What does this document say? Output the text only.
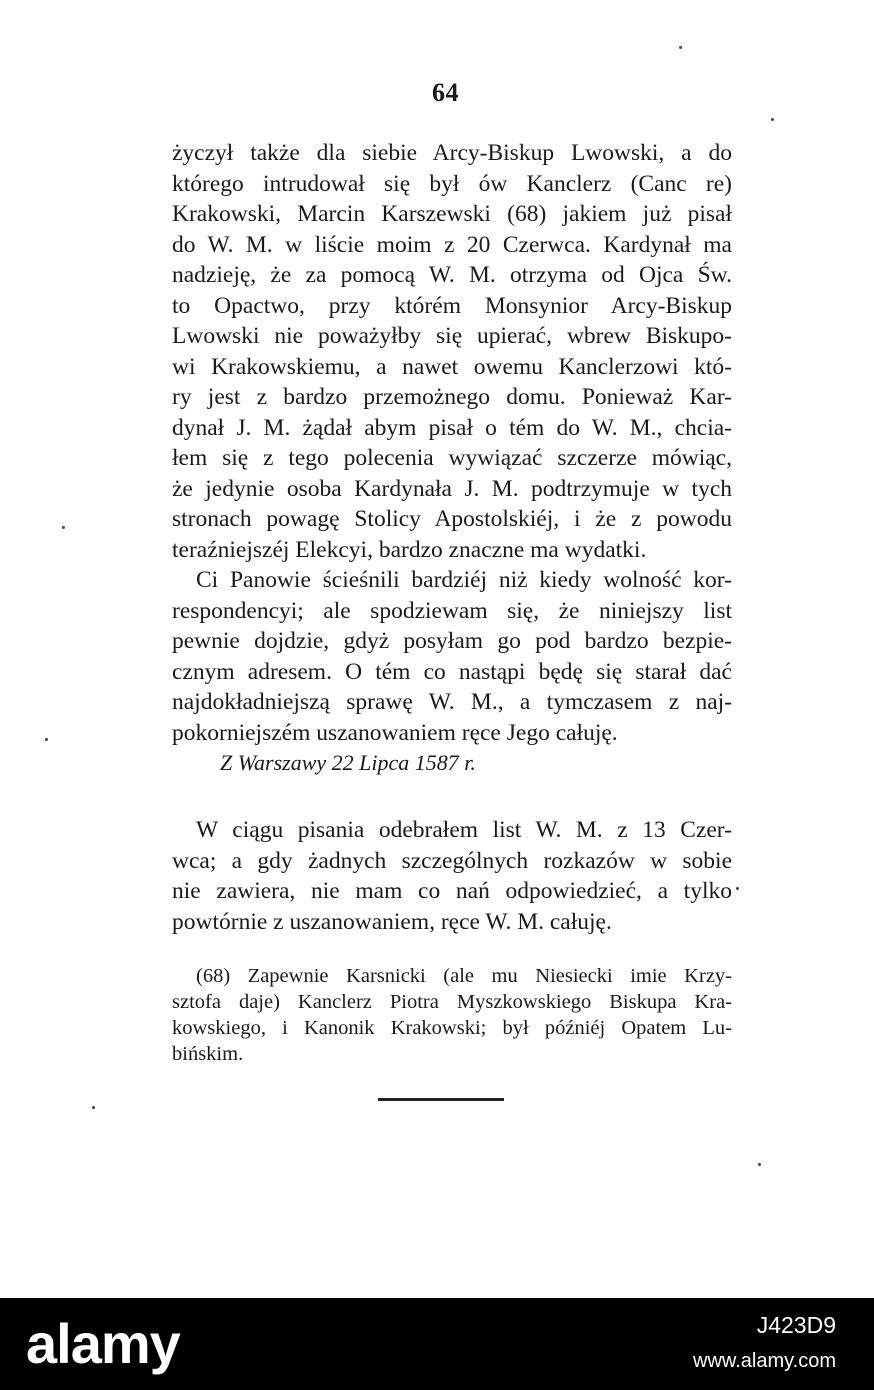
64
życzył także dla siebie Arcy-Biskup Lwowski, a do
którego intrudował się był ów Kanclerz (Canc re)
Krakowski, Marcin Karszewski (68) jakiem już pisał
do W. M. w liście moim z 20 Czerwca. Kardynał ma
nadzieję, że za pomocą W. M. otrzyma od Ojca Św.
to Opactwo, przy którém Monsynior Arcy-Biskup
Lwowski nie poważyłby się upierać, wbrew Biskupo-
wi Krakowskiemu, a nawet owemu Kanclerzowi któ-
ry jest z bardzo przemożnego domu. Ponieważ Kar-
dynał J. M. żądał abym pisał o tém do W. M., chcia-
łem się z tego polecenia wywiązać szczerze mówiąc,
że jedynie osoba Kardynała J. M. podtrzymuje w tych
stronach powagę Stolicy Apostolskiéj, i że z powodu
teraźniejszéj Elekcyi, bardzo znaczne ma wydatki.
Ci Panowie ścieśnili bardziéj niż kiedy wolność kor-
respondencyi; ale spodziewam się, że niniejszy list
pewnie dojdzie, gdyż posyłam go pod bardzo bezpie-
cznym adresem. O tém co nastąpi będę się starał dać
najdokładniejszą sprawę W. M., a tymczasem z naj-
pokorniejszém uszanowaniem ręce Jego całuję.
Z Warszawy 22 Lipca 1587 r.
W ciągu pisania odebrałem list W. M. z 13 Czer-
wca; a gdy żadnych szczególnych rozkazów w sobie
nie zawiera, nie mam co nań odpowiedzieć, a tylko
powtórnie z uszanowaniem, ręce W. M. całuję.
(68) Zapewnie Karsnicki (ale mu Niesiecki imie Krzy-
sztofa daje) Kanclerz Piotra Myszkowskiego Biskupa Kra-
kowskiego, i Kanonik Krakowski; był późniéj Opatem Lu-
bińskim.
alamy	J423D9
www.alamy.com
